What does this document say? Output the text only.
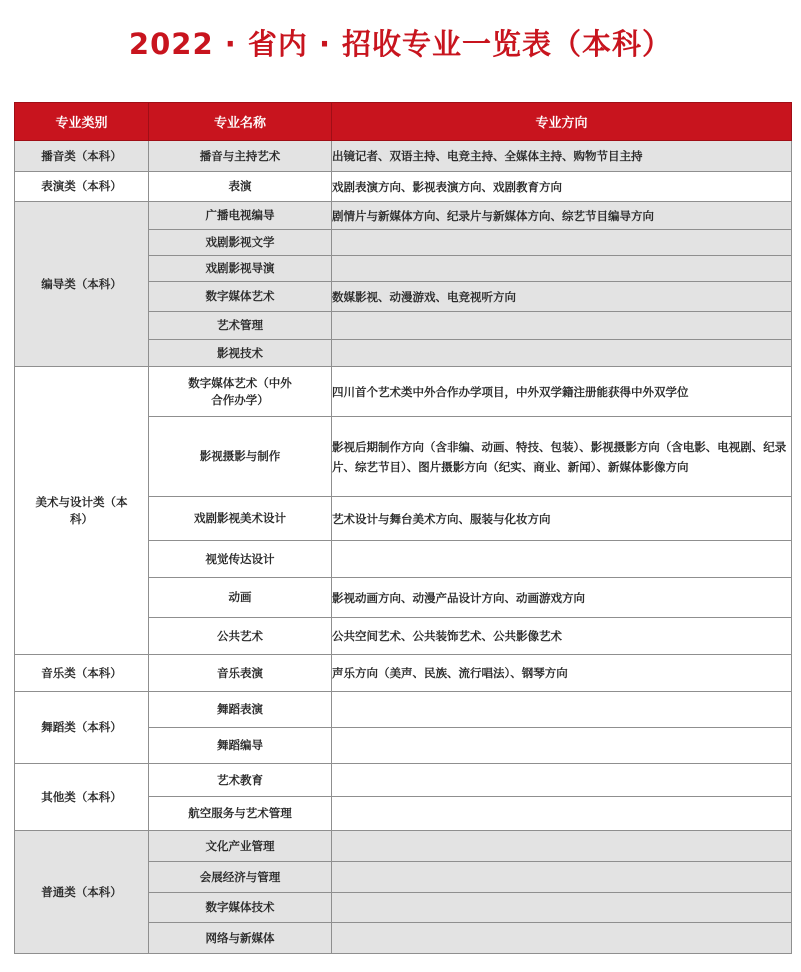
2022 · 省内 · 招收专业一览表（本科）
专业类别	专业名称	专业方向
播音类（本科）	播音与主持艺术	出镜记者、双语主持、电竞主持、全媒体主持、购物节目主持
表演类（本科）	表演	戏剧表演方向、影视表演方向、戏剧教育方向
编导类（本科）	广播电视编导	剧情片与新媒体方向、纪录片与新媒体方向、综艺节目编导方向
	戏剧影视文学	
	戏剧影视导演	
	数字媒体艺术	数媒影视、动漫游戏、电竞视听方向
	艺术管理	
	影视技术	
美术与设计类（本科）	数字媒体艺术（中外合作办学）	四川首个艺术类中外合作办学项目，中外双学籍注册能获得中外双学位
	影视摄影与制作	影视后期制作方向（含非编、动画、特技、包装）、影视摄影方向（含电影、电视剧、纪录片、综艺节目）、图片摄影方向（纪实、商业、新闻）、新媒体影像方向
	戏剧影视美术设计	艺术设计与舞台美术方向、服装与化妆方向
	视觉传达设计	
	动画	影视动画方向、动漫产品设计方向、动画游戏方向
	公共艺术	公共空间艺术、公共装饰艺术、公共影像艺术
音乐类（本科）	音乐表演	声乐方向（美声、民族、流行唱法）、钢琴方向
舞蹈类（本科）	舞蹈表演	
	舞蹈编导	
其他类（本科）	艺术教育	
	航空服务与艺术管理	
普通类（本科）	文化产业管理	
	会展经济与管理	
	数字媒体技术	
	网络与新媒体	
